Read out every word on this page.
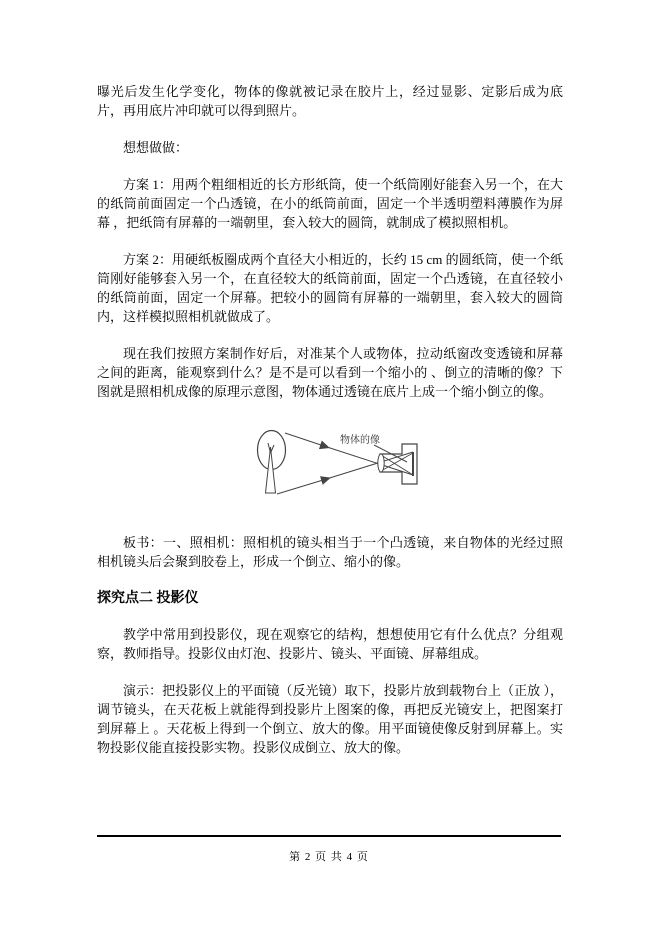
曝光后发生化学变化，物体的像就被记录在胶片上，经过显影、定影后成为底片，再用底片冲印就可以得到照片。

想想做做：

方案 1：用两个粗细相近的长方形纸筒，使一个纸筒刚好能套入另一个，在大的纸筒前面固定一个凸透镜，在小的纸筒前面，固定一个半透明塑料薄膜作为屏幕 ，把纸筒有屏幕的一端朝里，套入较大的圆筒，就制成了模拟照相机。

方案 2：用硬纸板圈成两个直径大小相近的，长约 15 cm 的圆纸筒，使一个纸筒刚好能够套入另一个，在直径较大的纸筒前面，固定一个凸透镜，在直径较小的纸筒前面，固定一个屏幕。把较小的圆筒有屏幕的一端朝里，套入较大的圆筒内，这样模拟照相机就做成了。

现在我们按照方案制作好后，对准某个人或物体，拉动纸窗改变透镜和屏幕之间的距离，能观察到什么？是不是可以看到一个缩小的 、倒立的清晰的像？下图就是照相机成像的原理示意图，物体通过透镜在底片上成一个缩小倒立的像。

物体的像

板书：一、照相机：照相机的镜头相当于一个凸透镜，来自物体的光经过照相机镜头后会聚到胶卷上，形成一个倒立、缩小的像。

探究点二 投影仪

教学中常用到投影仪，现在观察它的结构，想想使用它有什么优点？分组观察，教师指导。投影仪由灯泡、投影片、镜头、平面镜、屏幕组成。

演示：把投影仪上的平面镜（反光镜）取下，投影片放到载物台上（正放 ），调节镜头，在天花板上就能得到投影片上图案的像，再把反光镜安上，把图案打到屏幕上 。天花板上得到一个倒立、放大的像。用平面镜使像反射到屏幕上。实物投影仪能直接投影实物。投影仪成倒立、放大的像。

第 2 页 共 4 页
